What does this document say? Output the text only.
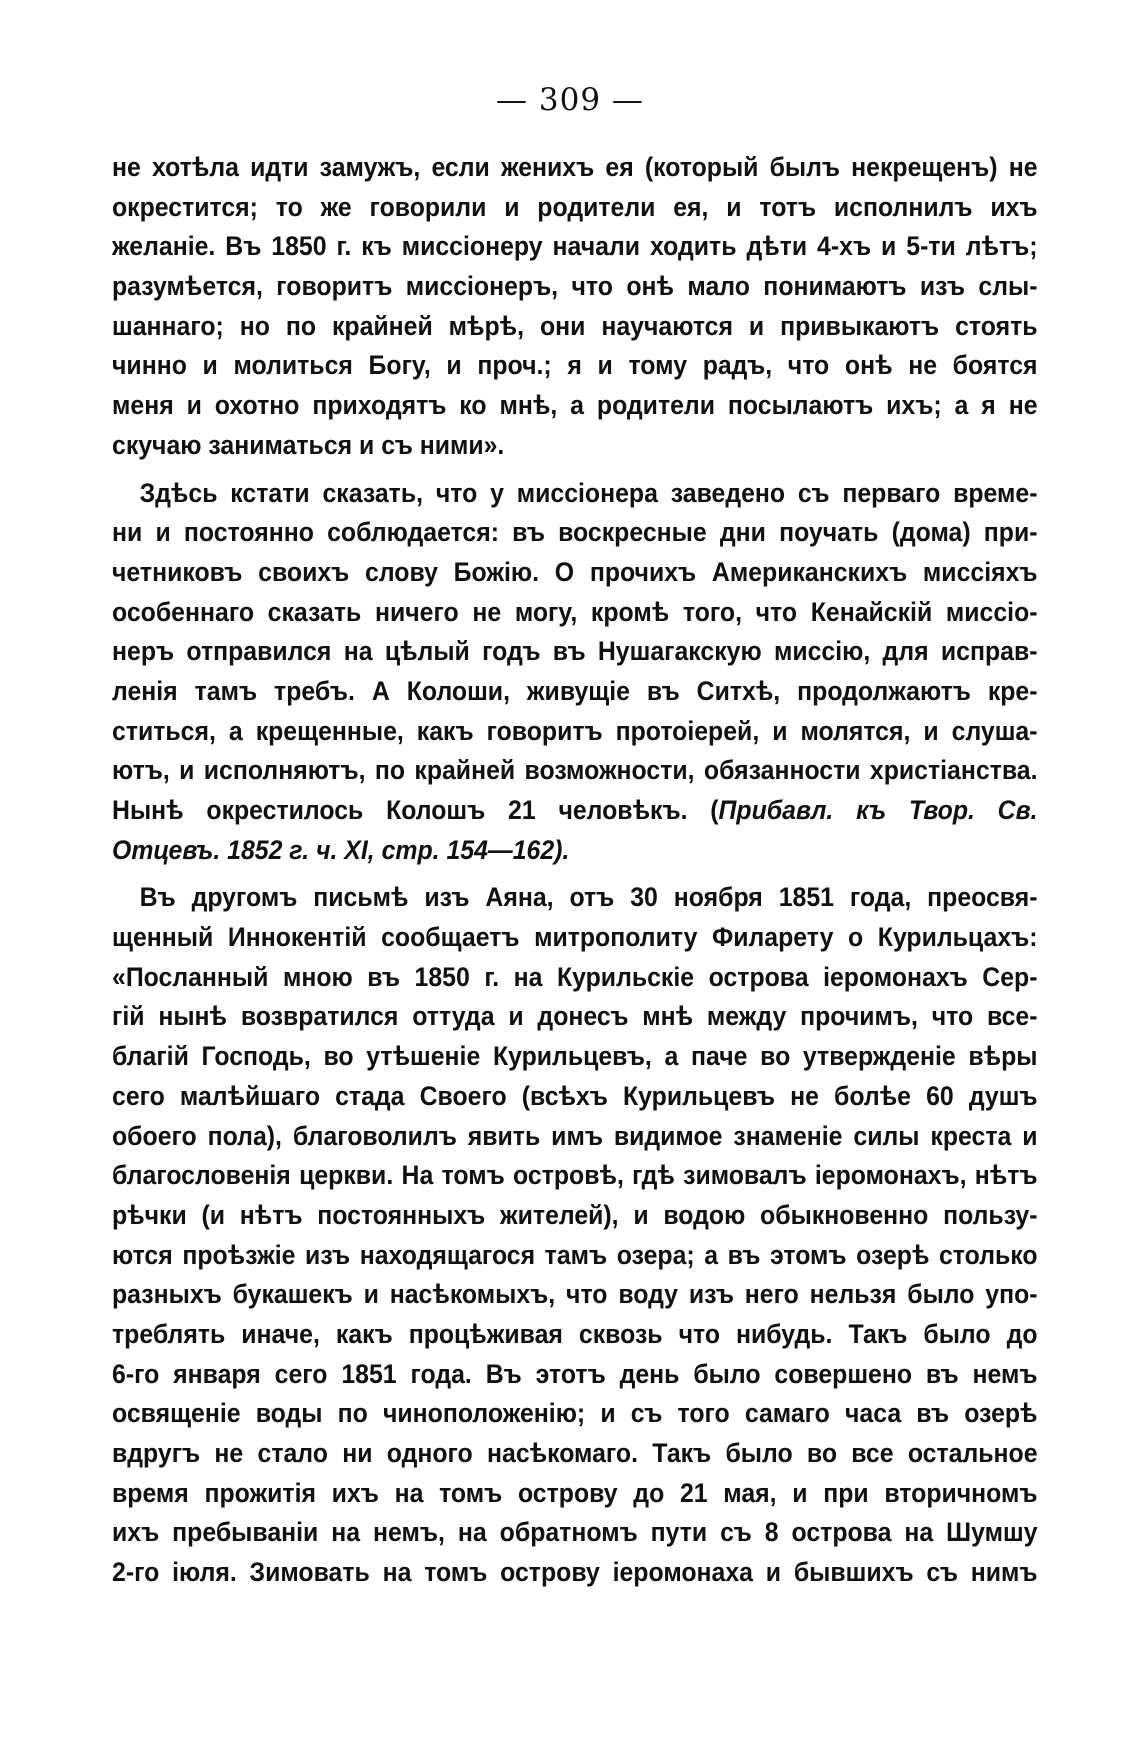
— 309 —
не хотѣла идти замужъ, если женихъ ея (который былъ некрещенъ) не
окрестится; то же говорили и родители ея, и тотъ исполнилъ ихъ
желаніе. Въ 1850 г. къ миссіонеру начали ходить дѣти 4-хъ и 5-ти лѣтъ;
разумѣется, говоритъ миссіонеръ, что онѣ мало понимаютъ изъ слы-
шаннаго; но по крайней мѣрѣ, они научаются и привыкаютъ стоять
чинно и молиться Богу, и проч.; я и тому радъ, что онѣ не боятся
меня и охотно приходятъ ко мнѣ, а родители посылаютъ ихъ; а я не
скучаю заниматься и съ ними».
Здѣсь кстати сказать, что у миссіонера заведено съ перваго време-
ни и постоянно соблюдается: въ воскресные дни поучать (дома) при-
четниковъ своихъ слову Божію. О прочихъ Американскихъ миссіяхъ
особеннаго сказать ничего не могу, кромѣ того, что Кенайскій миссіо-
неръ отправился на цѣлый годъ въ Нушагакскую миссію, для исправ-
ленія тамъ требъ. А Колоши, живущіе въ Ситхѣ, продолжаютъ кре-
ститься, а крещенные, какъ говоритъ протоіерей, и молятся, и слуша-
ютъ, и исполняютъ, по крайней возможности, обязанности христіанства.
Нынѣ окрестилось Колошъ 21 человѣкъ. (Прибавл. къ Твор. Св.
Отцевъ. 1852 г. ч. XI, стр. 154—162).
Въ другомъ письмѣ изъ Аяна, отъ 30 ноября 1851 года, преосвя-
щенный Иннокентій сообщаетъ митрополиту Филарету о Курильцахъ:
«Посланный мною въ 1850 г. на Курильскіе острова іеромонахъ Сер-
гій нынѣ возвратился оттуда и донесъ мнѣ между прочимъ, что все-
благій Господь, во утѣшеніе Курильцевъ, а паче во утвержденіе вѣры
сего малѣйшаго стада Своего (всѣхъ Курильцевъ не болѣе 60 душъ
обоего пола), благоволилъ явить имъ видимое знаменіе силы креста и
благословенія церкви. На томъ островѣ, гдѣ зимовалъ іеромонахъ, нѣтъ
рѣчки (и нѣтъ постоянныхъ жителей), и водою обыкновенно пользу-
ются проѣзжіе изъ находящагося тамъ озера; а въ этомъ озерѣ столько
разныхъ букашекъ и насѣкомыхъ, что воду изъ него нельзя было упо-
треблять иначе, какъ процѣживая сквозь что нибудь. Такъ было до
6-го января сего 1851 года. Въ этотъ день было совершено въ немъ
освященіе воды по чиноположенію; и съ того самаго часа въ озерѣ
вдругъ не стало ни одного насѣкомаго. Такъ было во все остальное
время прожитія ихъ на томъ острову до 21 мая, и при вторичномъ
ихъ пребываніи на немъ, на обратномъ пути съ 8 острова на Шумшу
2-го іюля. Зимовать на томъ острову іеромонаха и бывшихъ съ нимъ
